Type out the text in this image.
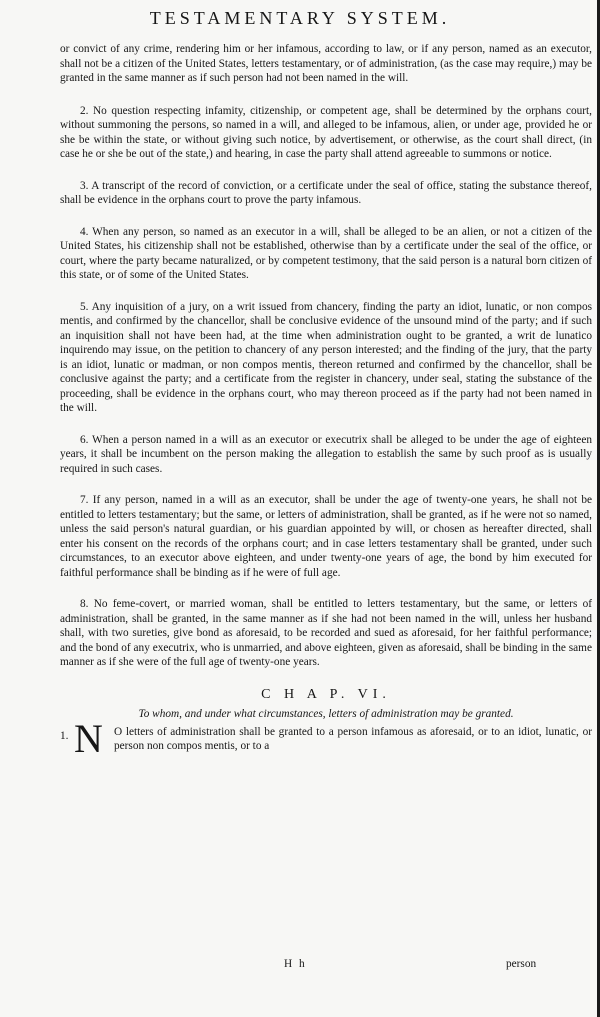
TESTAMENTARY SYSTEM.

or convict of any crime, rendering him or her infamous, according to law, or if any person, named as an executor, shall not be a citizen of the United States, letters testamentary, or of administration, (as the case may require,) may be granted in the same manner as if such person had not been named in the will.

2. No question respecting infamity, citizenship, or competent age, shall be determined by the orphans court, without summoning the persons, so named in a will, and alleged to be infamous, alien, or under age, provided he or she be within the state, or without giving such notice, by advertisement, or otherwise, as the court shall direct, (in case he or she be out of the state,) and hearing, in case the party shall attend agreeable to summons or notice.

3. A transcript of the record of conviction, or a certificate under the seal of office, stating the substance thereof, shall be evidence in the orphans court to prove the party infamous.

4. When any person, so named as an executor in a will, shall be alleged to be an alien, or not a citizen of the United States, his citizenship shall not be established, otherwise than by a certificate under the seal of the office, or court, where the party became naturalized, or by competent testimony, that the said person is a natural born citizen of this state, or of some of the United States.

5. Any inquisition of a jury, on a writ issued from chancery, finding the party an idiot, lunatic, or non compos mentis, and confirmed by the chancellor, shall be conclusive evidence of the unsound mind of the party; and if such an inquisition shall not have been had, at the time when administration ought to be granted, a writ de lunatico inquirendo may issue, on the petition to chancery of any person interested; and the finding of the jury, that the party is an idiot, lunatic or madman, or non compos mentis, thereon returned and confirmed by the chancellor, shall be conclusive against the party; and a certificate from the register in chancery, under seal, stating the substance of the proceeding, shall be evidence in the orphans court, who may thereon proceed as if the party had not been named in the will.

6. When a person named in a will as an executor or executrix shall be alleged to be under the age of eighteen years, it shall be incumbent on the person making the allegation to establish the same by such proof as is usually required in such cases.

7. If any person, named in a will as an executor, shall be under the age of twenty-one years, he shall not be entitled to letters testamentary; but the same, or letters of administration, shall be granted, as if he were not so named, unless the said person's natural guardian, or his guardian appointed by will, or chosen as hereafter directed, shall enter his consent on the records of the orphans court; and in case letters testamentary shall be granted, under such circumstances, to an executor above eighteen, and under twenty-one years of age, the bond by him executed for faithful performance shall be binding as if he were of full age.

8. No feme-covert, or married woman, shall be entitled to letters testamentary, but the same, or letters of administration, shall be granted, in the same manner as if she had not been named in the will, unless her husband shall, with two sureties, give bond as aforesaid, to be recorded and sued as aforesaid, for her faithful performance; and the bond of any executrix, who is unmarried, and above eighteen, given as aforesaid, shall be binding in the same manner as if she were of the full age of twenty-one years.

C H A P. VI.
To whom, and under what circumstances, letters of administration may be granted.
1. N O letters of administration shall be granted to a person infamous as aforesaid, or to an idiot, lunatic, or person non compos mentis, or to a
H h	person
